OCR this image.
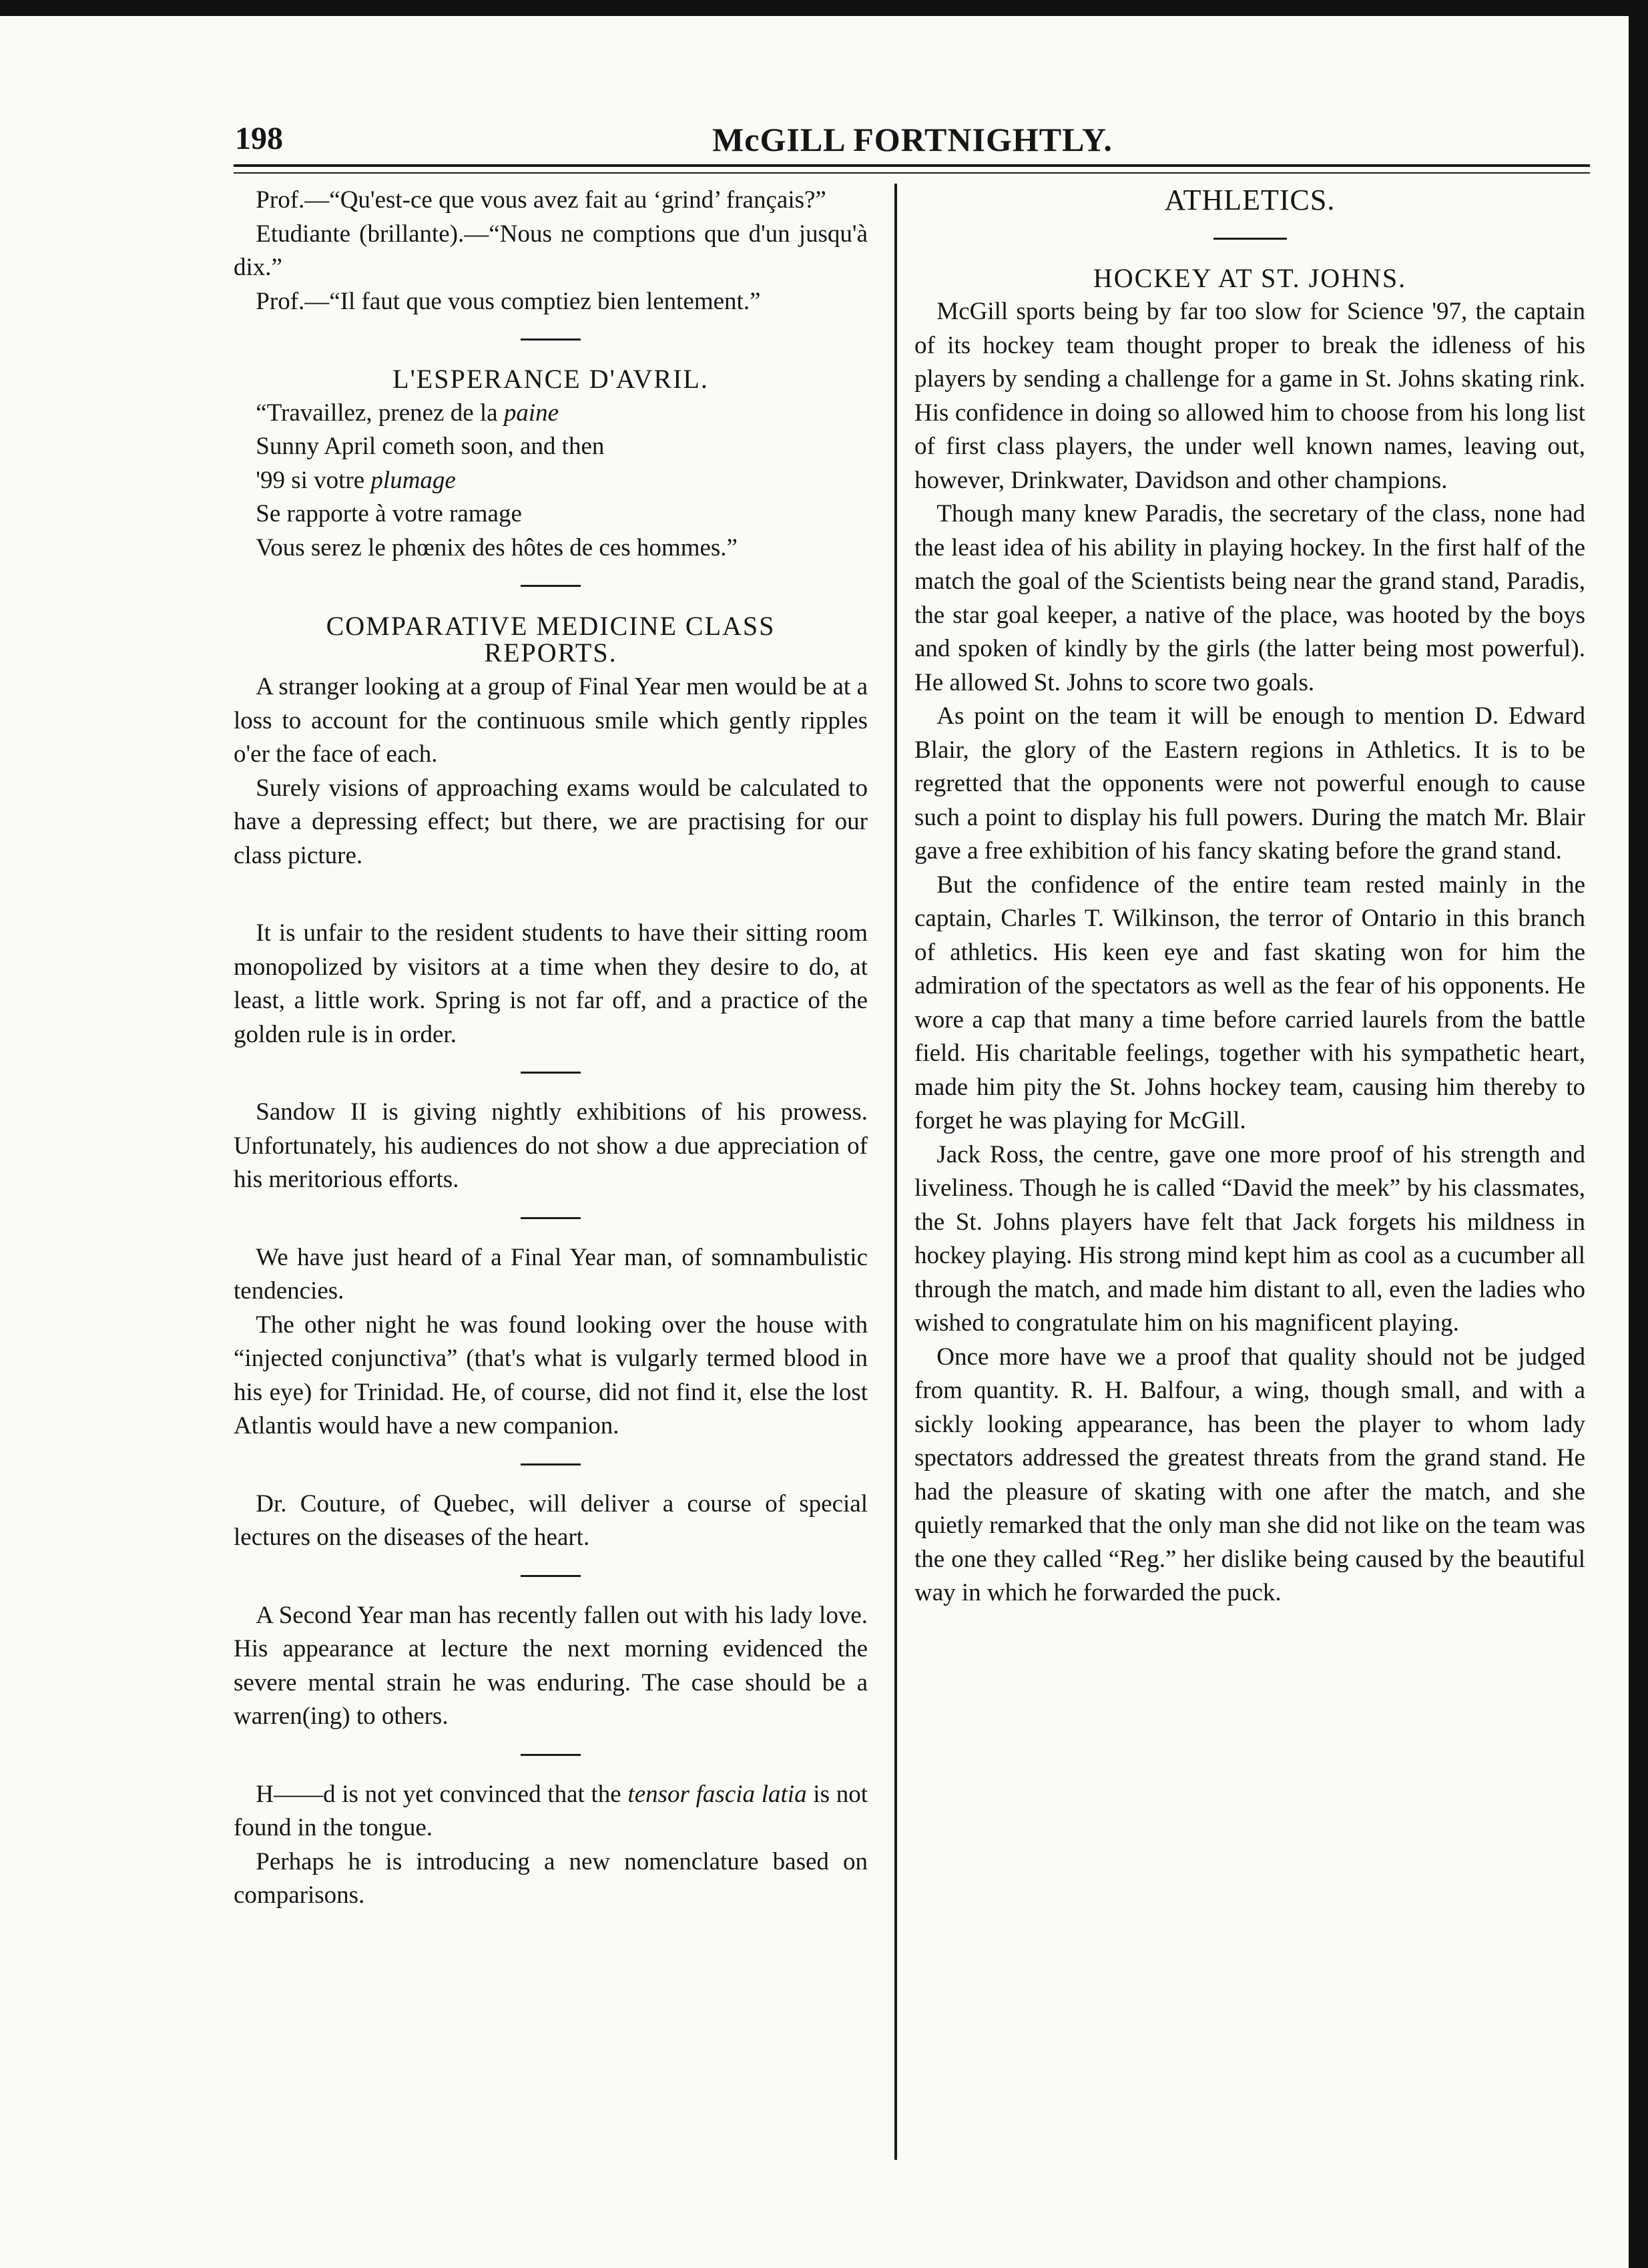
198	McGILL FORTNIGHTLY.

Prof.—“Qu'est-ce que vous avez fait au ‘grind’ français?”

Etudiante (brillante).—“Nous ne comptions que d'un jusqu'à dix.”

Prof.—“Il faut que vous comptiez bien lentement.”

L'ESPERANCE D'AVRIL.

“Travaillez, prenez de la paine

Sunny April cometh soon, and then

'99 si votre plumage

Se rapporte à votre ramage

Vous serez le phœnix des hôtes de ces hommes.”

COMPARATIVE MEDICINE CLASS

REPORTS.

A stranger looking at a group of Final Year men would be at a loss to account for the continuous smile which gently ripples o'er the face of each.

Surely visions of approaching exams would be calculated to have a depressing effect; but there, we are practising for our class picture.

It is unfair to the resident students to have their sitting room monopolized by visitors at a time when they desire to do, at least, a little work. Spring is not far off, and a practice of the golden rule is in order.

Sandow II is giving nightly exhibitions of his prowess. Unfortunately, his audiences do not show a due appreciation of his meritorious efforts.

We have just heard of a Final Year man, of somnambulistic tendencies.

The other night he was found looking over the house with “injected conjunctiva” (that's what is vulgarly termed blood in his eye) for Trinidad. He, of course, did not find it, else the lost Atlantis would have a new companion.

Dr. Couture, of Quebec, will deliver a course of special lectures on the diseases of the heart.

A Second Year man has recently fallen out with his lady love. His appearance at lecture the next morning evidenced the severe mental strain he was enduring. The case should be a warren(ing) to others.

H——d is not yet convinced that the tensor fascia latia is not found in the tongue.

Perhaps he is introducing a new nomenclature based on comparisons.

ATHLETICS.

HOCKEY AT ST. JOHNS.

McGill sports being by far too slow for Science '97, the captain of its hockey team thought proper to break the idleness of his players by sending a challenge for a game in St. Johns skating rink. His confidence in doing so allowed him to choose from his long list of first class players, the under well known names, leaving out, however, Drinkwater, Davidson and other champions.

Though many knew Paradis, the secretary of the class, none had the least idea of his ability in playing hockey. In the first half of the match the goal of the Scientists being near the grand stand, Paradis, the star goal keeper, a native of the place, was hooted by the boys and spoken of kindly by the girls (the latter being most powerful). He allowed St. Johns to score two goals.

As point on the team it will be enough to mention D. Edward Blair, the glory of the Eastern regions in Athletics. It is to be regretted that the opponents were not powerful enough to cause such a point to display his full powers. During the match Mr. Blair gave a free exhibition of his fancy skating before the grand stand.

But the confidence of the entire team rested mainly in the captain, Charles T. Wilkinson, the terror of Ontario in this branch of athletics. His keen eye and fast skating won for him the admiration of the spectators as well as the fear of his opponents. He wore a cap that many a time before carried laurels from the battle field. His charitable feelings, together with his sympathetic heart, made him pity the St. Johns hockey team, causing him thereby to forget he was playing for McGill.

Jack Ross, the centre, gave one more proof of his strength and liveliness. Though he is called “David the meek” by his classmates, the St. Johns players have felt that Jack forgets his mildness in hockey playing. His strong mind kept him as cool as a cucumber all through the match, and made him distant to all, even the ladies who wished to congratulate him on his magnificent playing.

Once more have we a proof that quality should not be judged from quantity. R. H. Balfour, a wing, though small, and with a sickly looking appearance, has been the player to whom lady spectators addressed the greatest threats from the grand stand. He had the pleasure of skating with one after the match, and she quietly remarked that the only man she did not like on the team was the one they called “Reg.” her dislike being caused by the beautiful way in which he forwarded the puck.
